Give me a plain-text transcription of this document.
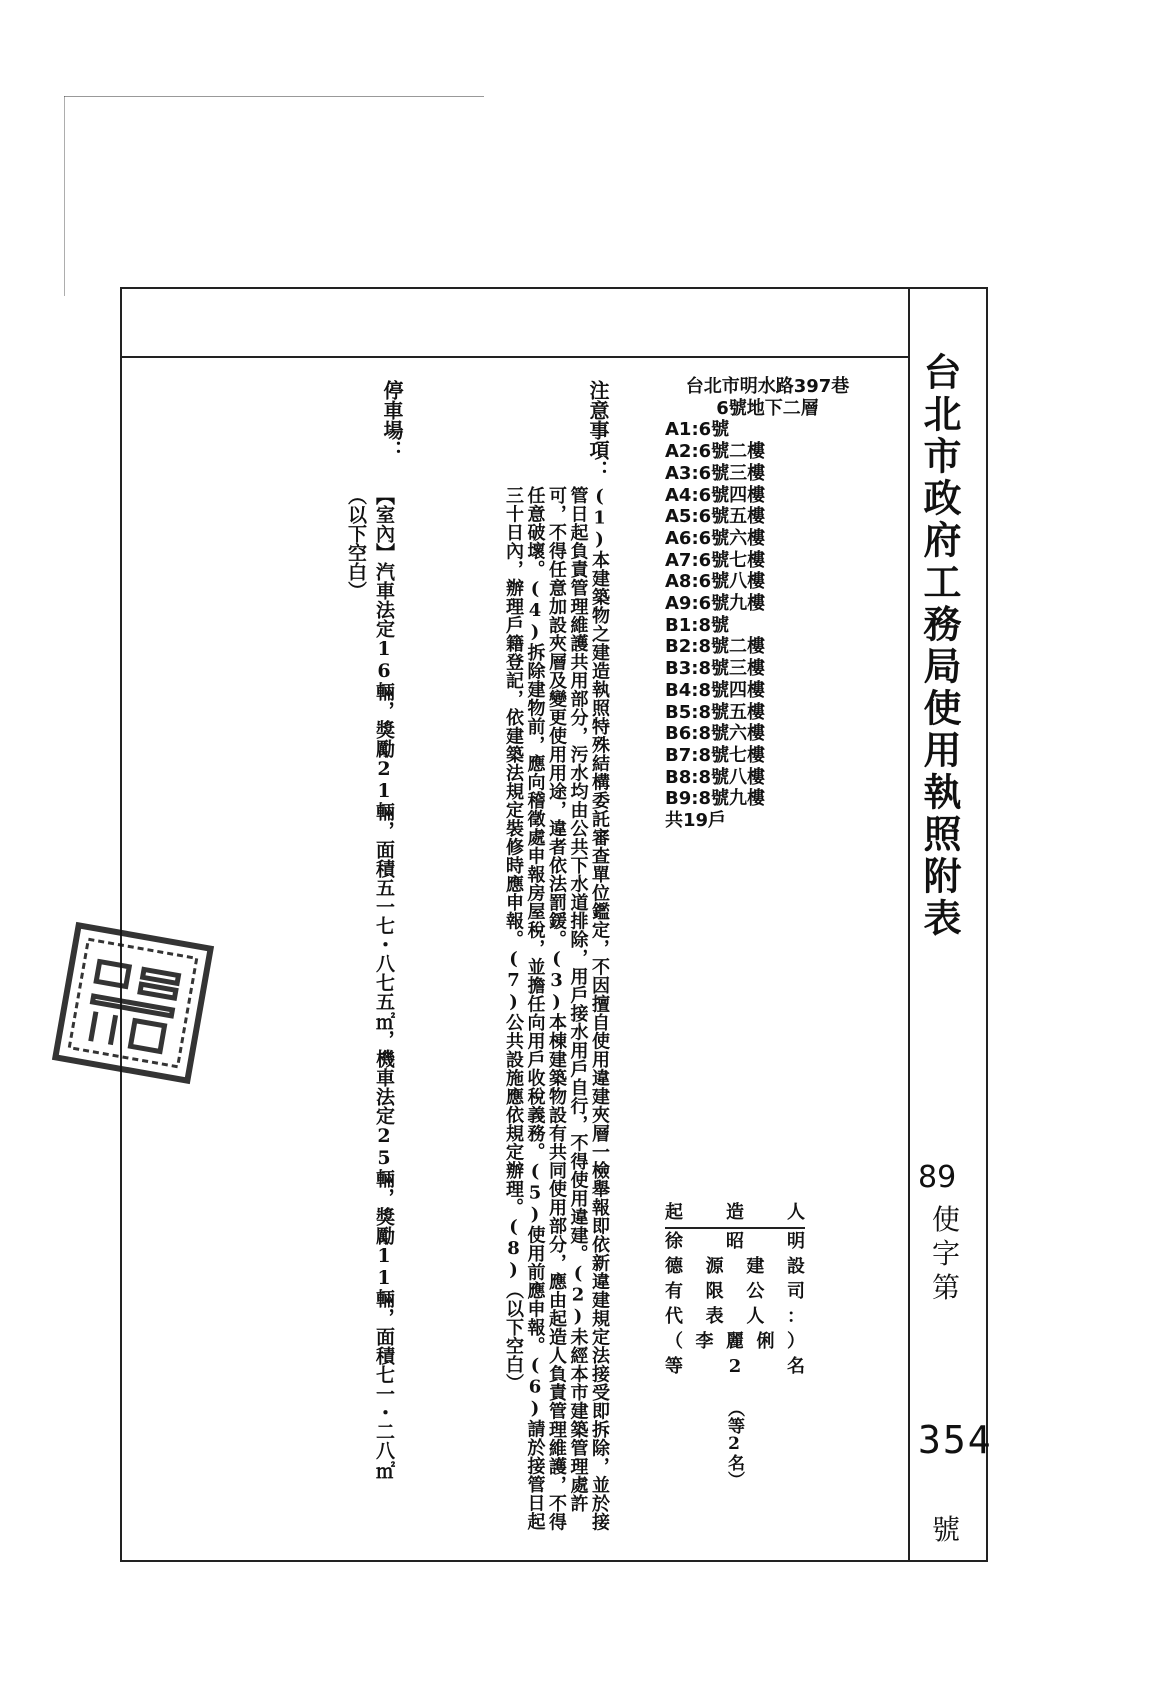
台北市政府工務局使用執照附表
89
使
字
第
354
號
台北市明水路397巷
6號地下二層
A1:6號
A2:6號二樓
A3:6號三樓
A4:6號四樓
A5:6號五樓
A6:6號六樓
A7:6號七樓
A8:6號八樓
A9:6號九樓
B1:8號
B2:8號二樓
B3:8號三樓
B4:8號四樓
B5:8號五樓
B6:8號六樓
B7:8號七樓
B8:8號八樓
B9:8號九樓
共19戶
注意事項：
(1)本建築物之建造執照特殊結構委託審查單位鑑定，不因擅自使用違建夾層一檢舉報即依新違建規定法接受即拆除，並於接管日起負責管理維護共用部分，污水均由公共下水道排除，用戶接水用戶自行，不得使用違建。(2)未經本市建築管理處許可，不得任意加設夾層及變更使用用途，違者依法罰鍰。(3)本棟建築物設有共同使用部分，應由起造人負責管理維護，不得任意破壞。(4)拆除建物前，應向稽徵處申報房屋稅，並擔任向用戶收稅義務。(5)使用前應申報。(6)請於接管日起三十日內，辦理戶籍登記，依建築法規定裝修時應申報。(7)公共設施應依規定辦理。(8)（以下空白）
停車場：
【室內】汽車法定16輛，獎勵21輛，面積五一七・八七五㎡，機車法定25輛，獎勵11輛，面積七一・二八㎡
（以下空白）
起 造 人
徐 昭 明
德 源 建 設
有 限 公 司
代 表 人 ：
（ 李 麗 俐 ）
等	2	名
（等2名）
